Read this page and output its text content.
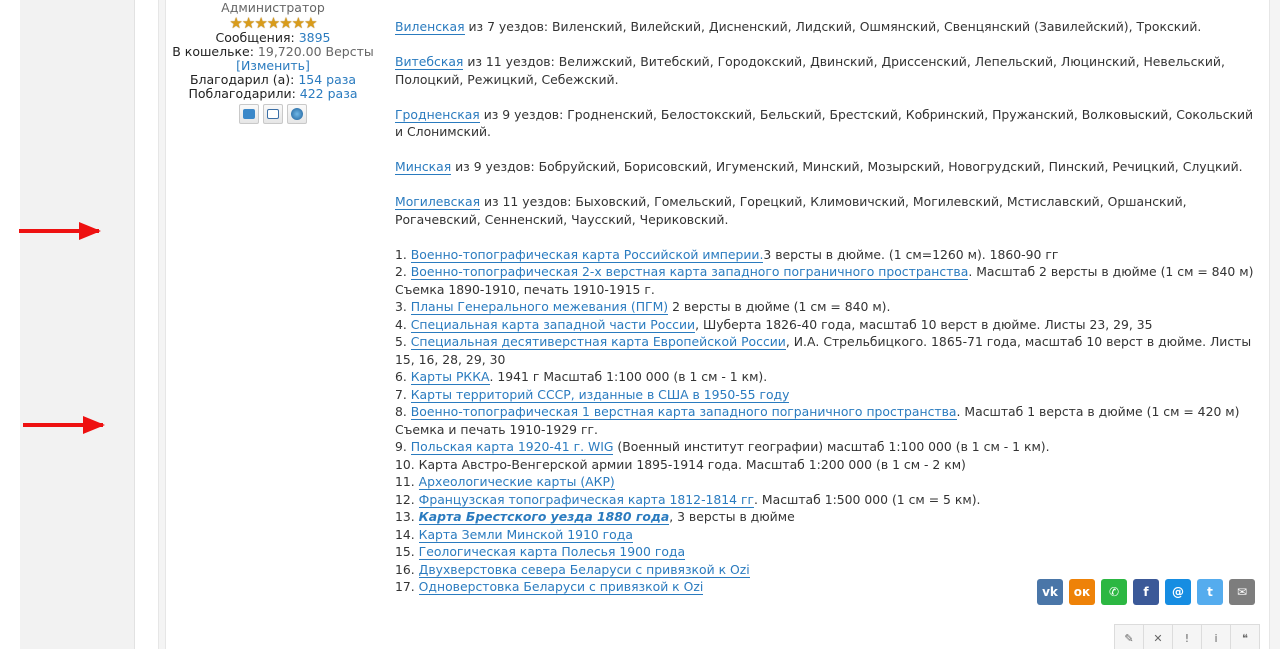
Администратор
★★★★★★★
Сообщения: 3895
В кошельке: 19,720.00 Версты
[Изменить]
Благодарил (а): 154 раза
Поблагодарили: 422 раза

Виленская из 7 уездов: Виленский, Вилейский, Дисненский, Лидский, Ошмянский, Свенцянский (Завилейский), Трокский.

Витебская из 11 уездов: Велижский, Витебский, Городокский, Двинский, Дриссенский, Лепельский, Люцинский, Невельский, Полоцкий, Режицкий, Себежский.

Гродненская из 9 уездов: Гродненский, Белостокский, Бельский, Брестский, Кобринский, Пружанский, Волковыский, Сокольский и Слонимский.

Минская из 9 уездов: Бобруйский, Борисовский, Игуменский, Минский, Мозырский, Новогрудский, Пинский, Речицкий, Слуцкий.

Могилевская из 11 уездов: Быховский, Гомельский, Горецкий, Климовичский, Могилевский, Мстиславский, Оршанский, Рогачевский, Сенненский, Чаусский, Чериковский.

1. Военно-топографическая карта Российской империи.3 версты в дюйме. (1 см=1260 м). 1860-90 гг
2. Военно-топографическая 2-х верстная карта западного пограничного пространства. Масштаб 2 версты в дюйме (1 см = 840 м) Съемка 1890-1910, печать 1910-1915 г.
3. Планы Генерального межевания (ПГМ) 2 версты в дюйме (1 см = 840 м).
4. Специальная карта западной части России, Шуберта 1826-40 года, масштаб 10 верст в дюйме. Листы 23, 29, 35
5. Специальная десятиверстная карта Европейской России, И.А. Стрельбицкого. 1865-71 года, масштаб 10 верст в дюйме. Листы 15, 16, 28, 29, 30
6. Карты РККА. 1941 г Масштаб 1:100 000 (в 1 см - 1 км).
7. Карты территорий СССР, изданные в США в 1950-55 году
8. Военно-топографическая 1 верстная карта западного пограничного пространства. Масштаб 1 верста в дюйме (1 см = 420 м) Съемка и печать 1910-1929 гг.
9. Польская карта 1920-41 г. WIG (Военный институт географии) масштаб 1:100 000 (в 1 см - 1 км).
10. Карта Австро-Венгерской армии 1895-1914 года. Масштаб 1:200 000 (в 1 см - 2 км)
11. Археологические карты (АКР)
12. Французская топографическая карта 1812-1814 гг. Масштаб 1:500 000 (1 см = 5 км).
13. Карта Брестского уезда 1880 года, 3 версты в дюйме
14. Карта Земли Минской 1910 года
15. Геологическая карта Полесья 1900 года
16. Двухверстовка севера Беларуси с привязкой к Ozi
17. Одноверстовка Беларуси с привязкой к Ozi	vk	ок	✆	f	@	t	✉
✎	✕	!	i	❝
